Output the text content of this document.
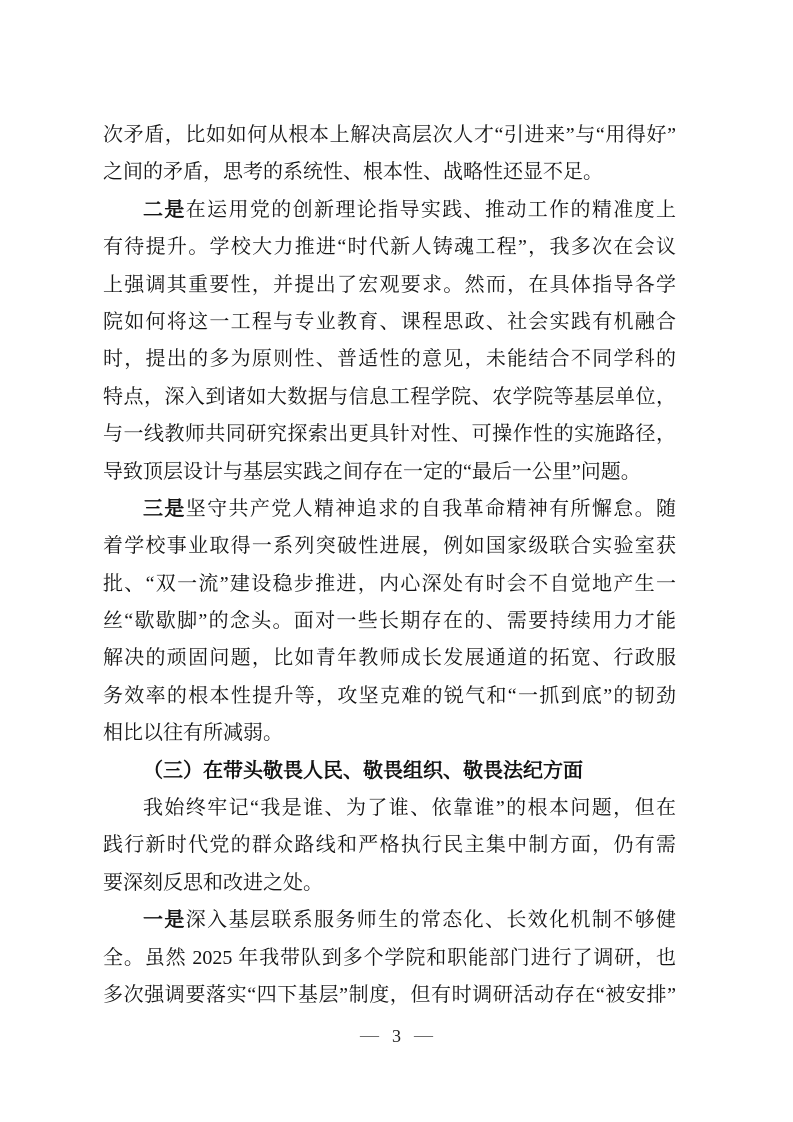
次矛盾，比如如何从根本上解决高层次人才“引进来”与“用得好”
之间的矛盾，思考的系统性、根本性、战略性还显不足。
二是在运用党的创新理论指导实践、推动工作的精准度上
有待提升。学校大力推进“时代新人铸魂工程”，我多次在会议
上强调其重要性，并提出了宏观要求。然而，在具体指导各学
院如何将这一工程与专业教育、课程思政、社会实践有机融合
时，提出的多为原则性、普适性的意见，未能结合不同学科的
特点，深入到诸如大数据与信息工程学院、农学院等基层单位，
与一线教师共同研究探索出更具针对性、可操作性的实施路径，
导致顶层设计与基层实践之间存在一定的“最后一公里”问题。
三是坚守共产党人精神追求的自我革命精神有所懈怠。随
着学校事业取得一系列突破性进展，例如国家级联合实验室获
批、“双一流”建设稳步推进，内心深处有时会不自觉地产生一
丝“歇歇脚”的念头。面对一些长期存在的、需要持续用力才能
解决的顽固问题，比如青年教师成长发展通道的拓宽、行政服
务效率的根本性提升等，攻坚克难的锐气和“一抓到底”的韧劲
相比以往有所减弱。
（三）在带头敬畏人民、敬畏组织、敬畏法纪方面
我始终牢记“我是谁、为了谁、依靠谁”的根本问题，但在
践行新时代党的群众路线和严格执行民主集中制方面，仍有需
要深刻反思和改进之处。
一是深入基层联系服务师生的常态化、长效化机制不够健
全。虽然 2025 年我带队到多个学院和职能部门进行了调研，也
多次强调要落实“四下基层”制度，但有时调研活动存在“被安排”
— 3 —
